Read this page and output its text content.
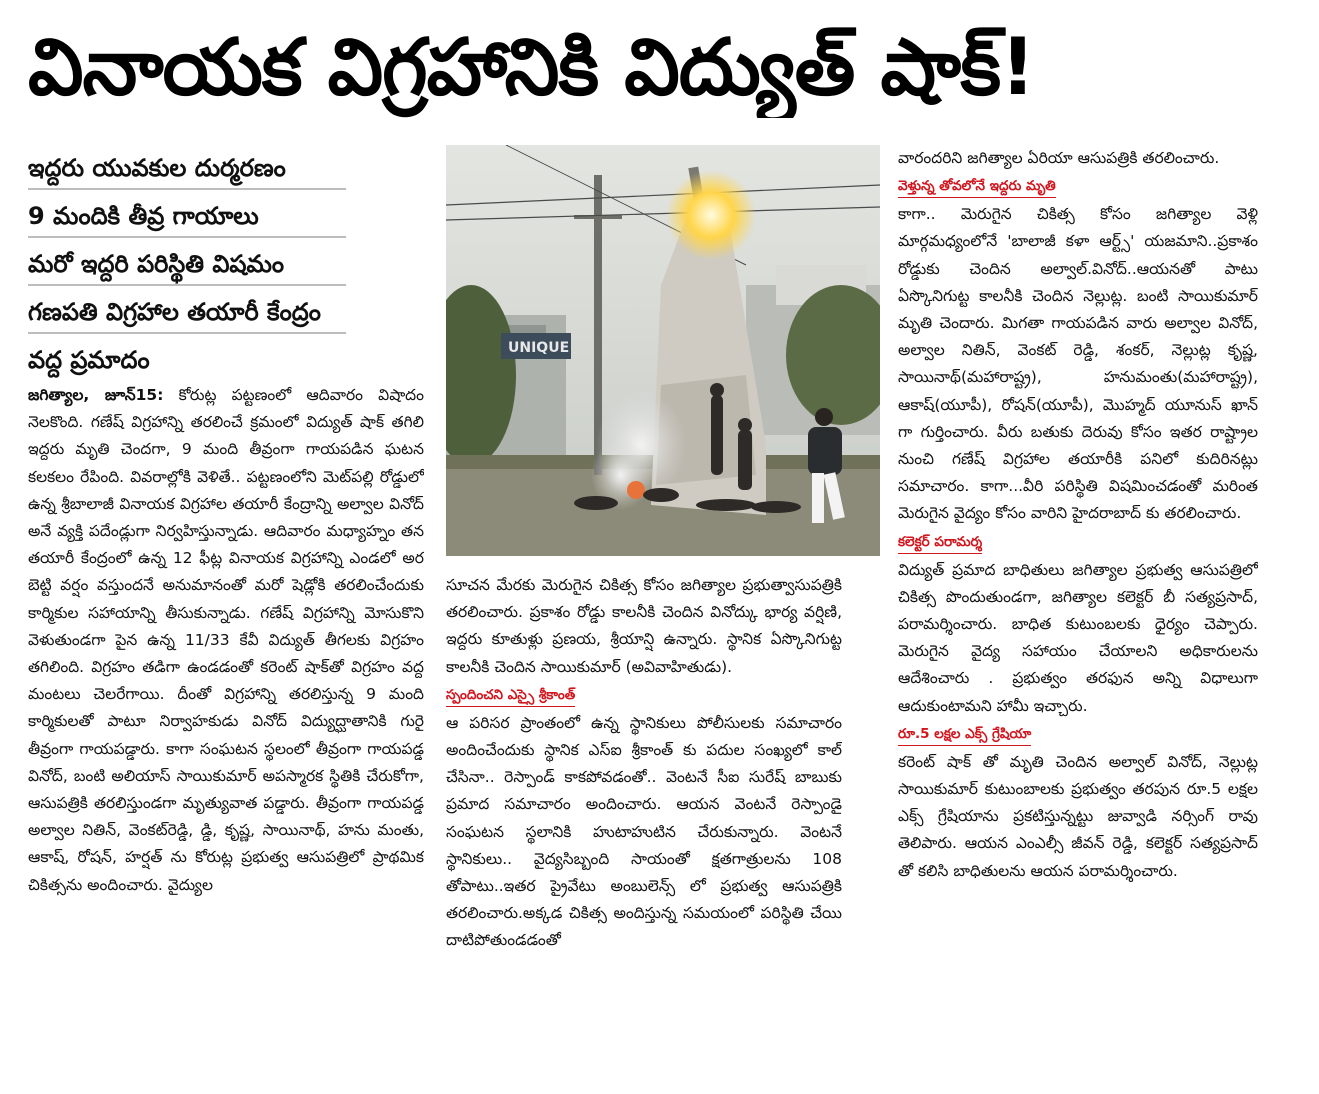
వినాయక విగ్రహానికి విద్యుత్ షాక్!
ఇద్దరు యువకుల దుర్మరణం
9 మందికి తీవ్ర గాయాలు
మరో ఇద్దరి పరిస్థితి విషమం
గణపతి విగ్రహాల తయారీ కేంద్రం
వద్ద ప్రమాదం

జగిత్యాల, జూన్15: కోరుట్ల పట్టణంలో ఆదివారం విషాదం నెలకొంది. గణేష్ విగ్రహాన్ని తరలించే క్రమంలో విద్యుత్ షాక్ తగిలి ఇద్దరు మృతి చెందగా, 9 మంది తీవ్రంగా గాయపడిన ఘటన కలకలం రేపింది. వివరాల్లోకి వెళితే.. పట్టణంలోని మెట్‌పల్లి రోడ్డులో ఉన్న శ్రీబాలాజీ వినాయక విగ్రహాల తయారీ కేంద్రాన్ని అల్వాల వినోద్ అనే వ్యక్తి పదేండ్లుగా నిర్వహిస్తున్నాడు. ఆదివారం మధ్యాహ్నం తన తయారీ కేంద్రంలో ఉన్న 12 ఫీట్ల వినాయక విగ్రహాన్ని ఎండలో అర బెట్టి వర్షం వస్తుందనే అనుమానంతో మరో షెడ్లోకి తరలించేందుకు కార్మికుల సహాయాన్ని తీసుకున్నాడు. గణేష్ విగ్రహాన్ని మోసుకొని వెళుతుండగా పైన ఉన్న 11/33 కేవీ విద్యుత్ తీగలకు విగ్రహం తగిలింది. విగ్రహం తడిగా ఉండడంతో కరెంట్ షాక్‌తో విగ్రహం వద్ద మంటలు చెలరేగాయి. దీంతో విగ్రహాన్ని తరలిస్తున్న 9 మంది కార్మికులతో పాటూ నిర్వాహకుడు వినోద్ విద్యుద్ఘాతానికి గురై తీవ్రంగా గాయపడ్డారు. కాగా సంఘటన స్థలంలో తీవ్రంగా గాయపడ్డ వినోద్, బంటి అలియాస్ సాయికుమార్ అపస్మారక స్థితికి చేరుకోగా, ఆసుపత్రికి తరలిస్తుండగా మృత్యువాత పడ్డారు. తీవ్రంగా గాయపడ్డ అల్వాల నితిన్, వెంకట్‌రెడ్డి, డ్డి, కృష్ణ, సాయినాథ్, హను మంతు, ఆకాష్, రోషన్, హర్షత్ ను కోరుట్ల ప్రభుత్వ ఆసుపత్రిలో ప్రాథమిక చికిత్సను అందించారు. వైద్యుల

UNIQUE

సూచన మేరకు మెరుగైన చికిత్స కోసం జగిత్యాల ప్రభుత్వాసుపత్రికి తరలించారు. ప్రకాశం రోడ్డు కాలనీకి చెందిన వినోద్కు భార్య వర్షిణి, ఇద్దరు కూతుళ్లు ప్రణయ, శ్రీయాన్షి ఉన్నారు. స్థానిక ఏస్కొనిగుట్ట కాలనీకి చెందిన సాయికుమార్ (అవివాహితుడు).

స్పందించని ఎస్సై శ్రీకాంత్

ఆ పరిసర ప్రాంతంలో ఉన్న స్థానికులు పోలీసులకు సమాచారం అందించేందుకు స్థానిక ఎస్ఐ శ్రీకాంత్ కు పదుల సంఖ్యలో కాల్ చేసినా.. రెస్పాండ్ కాకపోవడంతో.. వెంటనే సీఐ సురేష్ బాబుకు ప్రమాద సమాచారం అందించారు. ఆయన వెంటనే రెస్పాండై సంఘటన స్థలానికి హుటాహుటిన చేరుకున్నారు. వెంటనే స్థానికులు.. వైద్యసిబ్బంది సాయంతో క్షతగాత్రులను 108 తోపాటు..ఇతర ప్రైవేటు అంబులెన్స్ లో ప్రభుత్వ ఆసుపత్రికి తరలించారు.అక్కడ చికిత్స అందిస్తున్న సమయంలో పరిస్థితి చేయి దాటిపోతుండడంతో

వారందరిని జగిత్యాల ఏరియా ఆసుపత్రికి తరలించారు.

వెళ్తున్న తోవలోనే ఇద్దరు మృతి

కాగా.. మెరుగైన చికిత్స కోసం జగిత్యాల వెళ్లి మార్గమధ్యంలోనే 'బాలాజీ కళా ఆర్ట్స్' యజమాని..ప్రకాశం రోడ్డుకు చెందిన అల్వాల్.వినోద్..ఆయనతో పాటు ఏస్కొనిగుట్ట కాలనీకి చెందిన నెల్లుట్ల. బంటి సాయికుమార్ మృతి చెందారు. మిగతా గాయపడిన వారు అల్వాల వినోద్, అల్వాల నితిన్, వెంకట్ రెడ్డి, శంకర్, నెల్లుట్ల కృష్ణ, సాయినాథ్(మహారాష్ట్ర), హనుమంతు(మహారాష్ట్ర), ఆకాష్(యూపీ), రోషన్(యూపీ), మొహ్మద్ యూనుస్ ఖాన్ గా గుర్తించారు. వీరు బతుకు దెరువు కోసం ఇతర రాష్ట్రాల నుంచి గణేష్ విగ్రహాల తయారీకి పనిలో కుదిరినట్లు సమాచారం. కాగా...వీరి పరిస్థితి విషమించడంతో మరింత మెరుగైన వైద్యం కోసం వారిని హైదరాబాద్ కు తరలించారు.

కలెక్టర్ పరామర్శ

విద్యుత్ ప్రమాద బాధితులు జగిత్యాల ప్రభుత్వ ఆసుపత్రిలో చికిత్స పొందుతుండగా, జగిత్యాల కలెక్టర్ బీ సత్యప్రసాద్, పరామర్శించారు. బాధిత కుటుంబలకు ధైర్యం చెప్పారు. మెరుగైన వైద్య సహాయం చేయాలని అధికారులను ఆదేశించారు . ప్రభుత్వం తరఫున అన్ని విధాలుగా ఆదుకుంటామని హామీ ఇచ్చారు.

రూ.5 లక్షల ఎక్స్ గ్రేషియా

కరెంట్ షాక్ తో మృతి చెందిన అల్వాల్ వినోద్, నెల్లుట్ల సాయికుమార్ కుటుంబాలకు ప్రభుత్వం తరపున రూ.5 లక్షల ఎక్స్ గ్రేషియాను ప్రకటిస్తున్నట్టు జువ్వాడి నర్సింగ్ రావు తెలిపారు. ఆయన ఎంఎల్సీ జీవన్ రెడ్డి, కలెక్టర్ సత్యప్రసాద్ తో కలిసి బాధితులను ఆయన పరామర్శించారు.
